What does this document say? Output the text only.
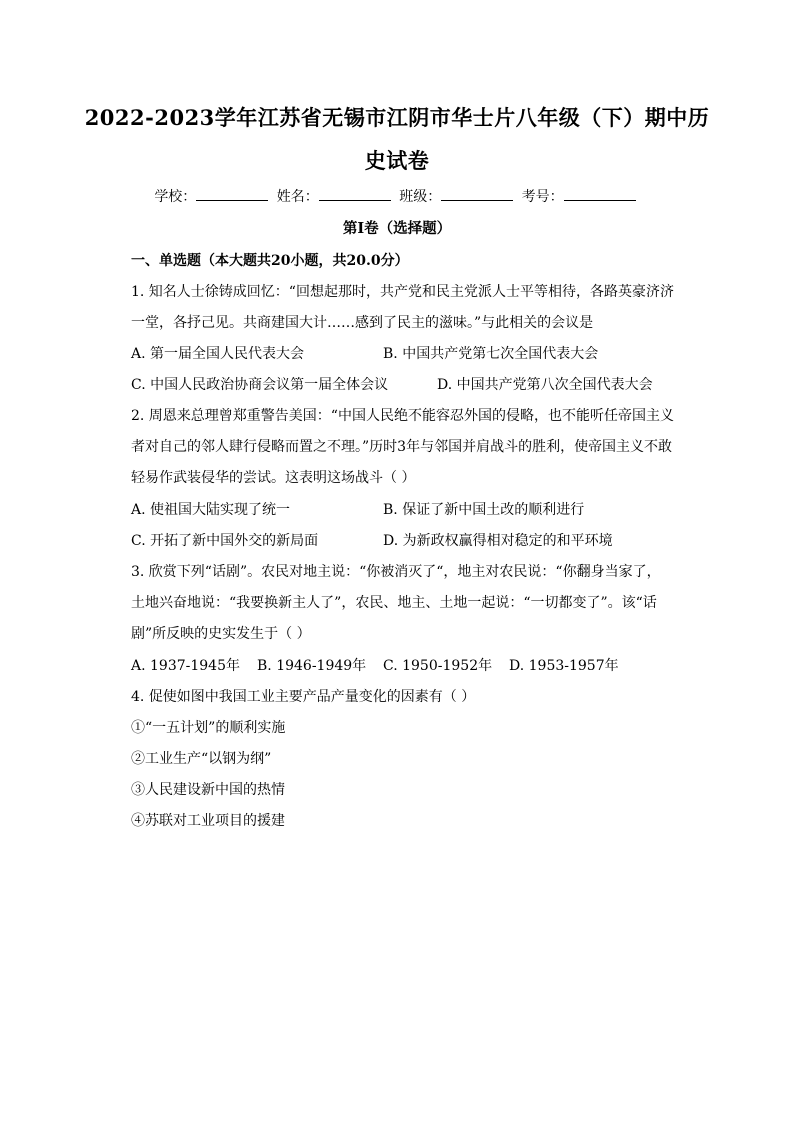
2022-2023学年江苏省无锡市江阴市华士片八年级（下）期中历
史试卷
学校：	姓名：	班级：	考号：
第Ⅰ卷（选择题）
一、单选题（本大题共20小题，共20.0分）
1. 知名人士徐铸成回忆：“回想起那时，共产党和民主党派人士平等相待，各路英豪济济
一堂，各抒己见。共商建国大计……感到了民主的滋味。”与此相关的会议是
A. 第一届全国人民代表大会	B. 中国共产党第七次全国代表大会
C. 中国人民政治协商会议第一届全体会议	D. 中国共产党第八次全国代表大会
2. 周恩来总理曾郑重警告美国：“中国人民绝不能容忍外国的侵略，也不能听任帝国主义
者对自己的邻人肆行侵略而置之不理。”历时3年与邻国并肩战斗的胜利，使帝国主义不敢
轻易作武装侵华的尝试。这表明这场战斗（ ）
A. 使祖国大陆实现了统一	B. 保证了新中国土改的顺利进行
C. 开拓了新中国外交的新局面	D. 为新政权赢得相对稳定的和平环境
3. 欣赏下列“话剧”。农民对地主说：“你被消灭了“，地主对农民说：“你翻身当家了，
土地兴奋地说：“我要换新主人了”，农民、地主、土地一起说：“一切都变了”。该“话
剧”所反映的史实发生于（ ）
A. 1937-1945年 B. 1946-1949年 C. 1950-1952年 D. 1953-1957年
4. 促使如图中我国工业主要产品产量变化的因素有（ ）
①“一五计划”的顺利实施
②工业生产“以钢为纲”
③人民建设新中国的热情
④苏联对工业项目的援建
